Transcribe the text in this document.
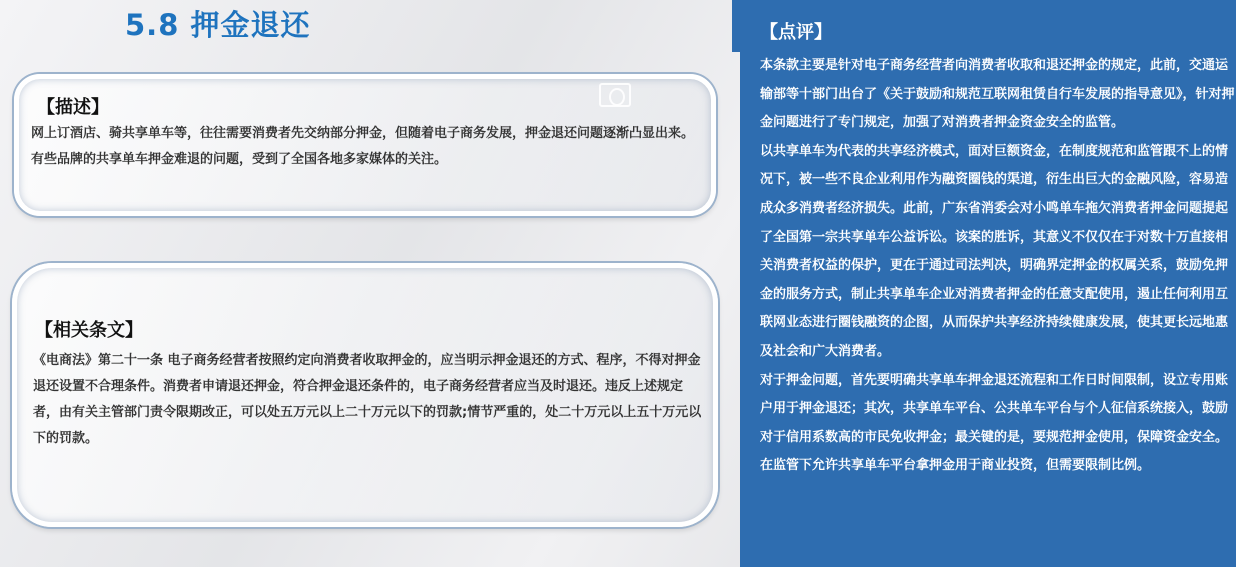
5.8 押金退还
【描述】

网上订酒店、骑共享单车等，往往需要消费者先交纳部分押金，但随着电子商务发展，押金退还问题逐渐凸显出来。有些品牌的共享单车押金难退的问题，受到了全国各地多家媒体的关注。

【相关条文】

《电商法》第二十一条 电子商务经营者按照约定向消费者收取押金的，应当明示押金退还的方式、程序，不得对押金退还设置不合理条件。消费者申请退还押金，符合押金退还条件的，电子商务经营者应当及时退还。违反上述规定者，由有关主管部门责令限期改正，可以处五万元以上二十万元以下的罚款;情节严重的，处二十万元以上五十万元以下的罚款。

【点评】

本条款主要是针对电子商务经营者向消费者收取和退还押金的规定，此前，交通运输部等十部门出台了《关于鼓励和规范互联网租赁自行车发展的指导意见》，针对押金问题进行了专门规定，加强了对消费者押金资金安全的监管。
以共享单车为代表的共享经济模式，面对巨额资金，在制度规范和监管跟不上的情况下，被一些不良企业利用作为融资圈钱的渠道，衍生出巨大的金融风险，容易造成众多消费者经济损失。此前，广东省消委会对小鸣单车拖欠消费者押金问题提起了全国第一宗共享单车公益诉讼。该案的胜诉，其意义不仅仅在于对数十万直接相关消费者权益的保护，更在于通过司法判决，明确界定押金的权属关系，鼓励免押金的服务方式，制止共享单车企业对消费者押金的任意支配使用，遏止任何利用互联网业态进行圈钱融资的企图，从而保护共享经济持续健康发展，使其更长远地惠及社会和广大消费者。
对于押金问题，首先要明确共享单车押金退还流程和工作日时间限制，设立专用账户用于押金退还；其次，共享单车平台、公共单车平台与个人征信系统接入，鼓励对于信用系数高的市民免收押金；最关键的是，要规范押金使用，保障资金安全。在监管下允许共享单车平台拿押金用于商业投资，但需要限制比例。
